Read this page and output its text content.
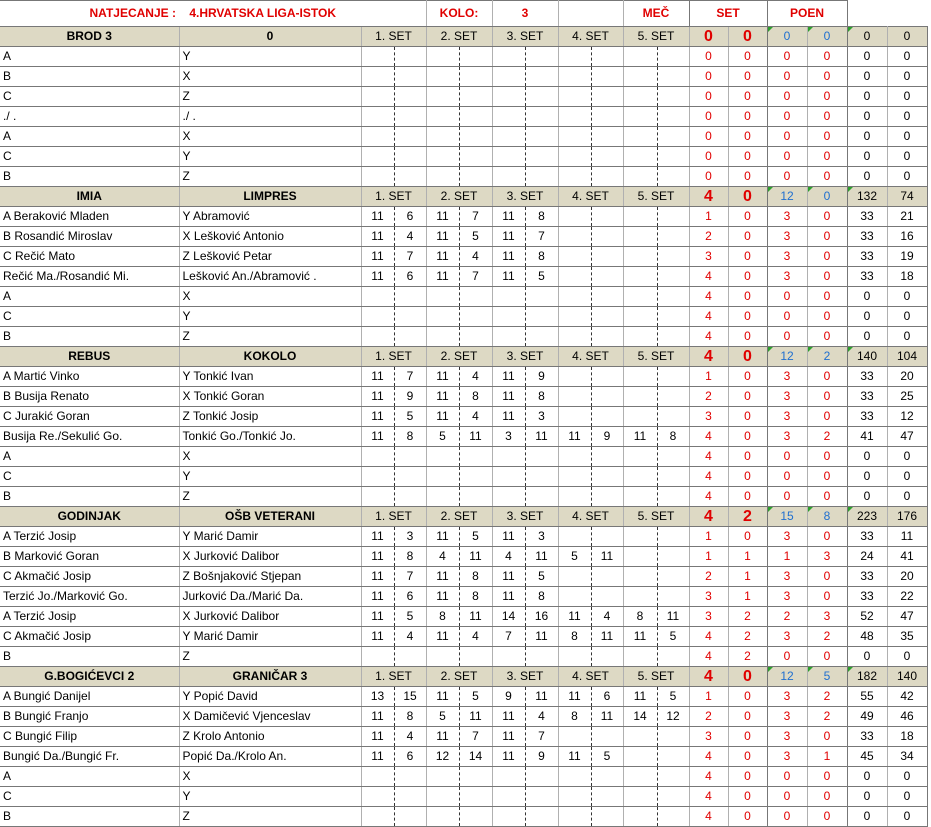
NATJECANJE : 4.HRVATSKA LIGA-ISTOK				KOLO:		3				MEČ		SET		POEN			
BROD 3	0	1. SET		2. SET		3. SET		4. SET		5. SET		0	0	0	0	0	0
A	Y											0	0	0	0	0	0
B	X											0	0	0	0	0	0
C	Z											0	0	0	0	0	0
./ .	./ .											0	0	0	0	0	0
A	X											0	0	0	0	0	0
C	Y											0	0	0	0	0	0
B	Z											0	0	0	0	0	0
IMIA	LIMPRES	1. SET		2. SET		3. SET		4. SET		5. SET		4	0	12	0	132	74
A Beraković Mladen	Y Abramović	11	6	11	7	11	8					1	0	3	0	33	21
B Rosandić Miroslav	X Lešković Antonio	11	4	11	5	11	7					2	0	3	0	33	16
C Rečić Mato	Z Lešković Petar	11	7	11	4	11	8					3	0	3	0	33	19
Rečić Ma./Rosandić Mi.	Lešković An./Abramović .	11	6	11	7	11	5					4	0	3	0	33	18
A	X											4	0	0	0	0	0
C	Y											4	0	0	0	0	0
B	Z											4	0	0	0	0	0
REBUS	KOKOLO	1. SET		2. SET		3. SET		4. SET		5. SET		4	0	12	2	140	104
A Martić Vinko	Y Tonkić Ivan	11	7	11	4	11	9					1	0	3	0	33	20
B Busija Renato	X Tonkić Goran	11	9	11	8	11	8					2	0	3	0	33	25
C Jurakić Goran	Z Tonkić Josip	11	5	11	4	11	3					3	0	3	0	33	12
Busija Re./Sekulić Go.	Tonkić Go./Tonkić Jo.	11	8	5	11	3	11	11	9	11	8	4	0	3	2	41	47
A	X											4	0	0	0	0	0
C	Y											4	0	0	0	0	0
B	Z											4	0	0	0	0	0
GODINJAK	OŠB VETERANI	1. SET		2. SET		3. SET		4. SET		5. SET		4	2	15	8	223	176
A Terzić Josip	Y Marić Damir	11	3	11	5	11	3					1	0	3	0	33	11
B Marković Goran	X Jurković Dalibor	11	8	4	11	4	11	5	11			1	1	1	3	24	41
C Akmačić Josip	Z Bošnjaković Stjepan	11	7	11	8	11	5					2	1	3	0	33	20
Terzić Jo./Marković Go.	Jurković Da./Marić Da.	11	6	11	8	11	8					3	1	3	0	33	22
A Terzić Josip	X Jurković Dalibor	11	5	8	11	14	16	11	4	8	11	3	2	2	3	52	47
C Akmačić Josip	Y Marić Damir	11	4	11	4	7	11	8	11	11	5	4	2	3	2	48	35
B	Z											4	2	0	0	0	0
G.BOGIĆEVCI 2	GRANIČAR 3	1. SET		2. SET		3. SET		4. SET		5. SET		4	0	12	5	182	140
A Bungić Danijel	Y Popić David	13	15	11	5	9	11	11	6	11	5	1	0	3	2	55	42
B Bungić Franjo	X Damičević Vjenceslav	11	8	5	11	11	4	8	11	14	12	2	0	3	2	49	46
C Bungić Filip	Z Krolo Antonio	11	4	11	7	11	7					3	0	3	0	33	18
Bungić Da./Bungić Fr.	Popić Da./Krolo An.	11	6	12	14	11	9	11	5			4	0	3	1	45	34
A	X											4	0	0	0	0	0
C	Y											4	0	0	0	0	0
B	Z											4	0	0	0	0	0
